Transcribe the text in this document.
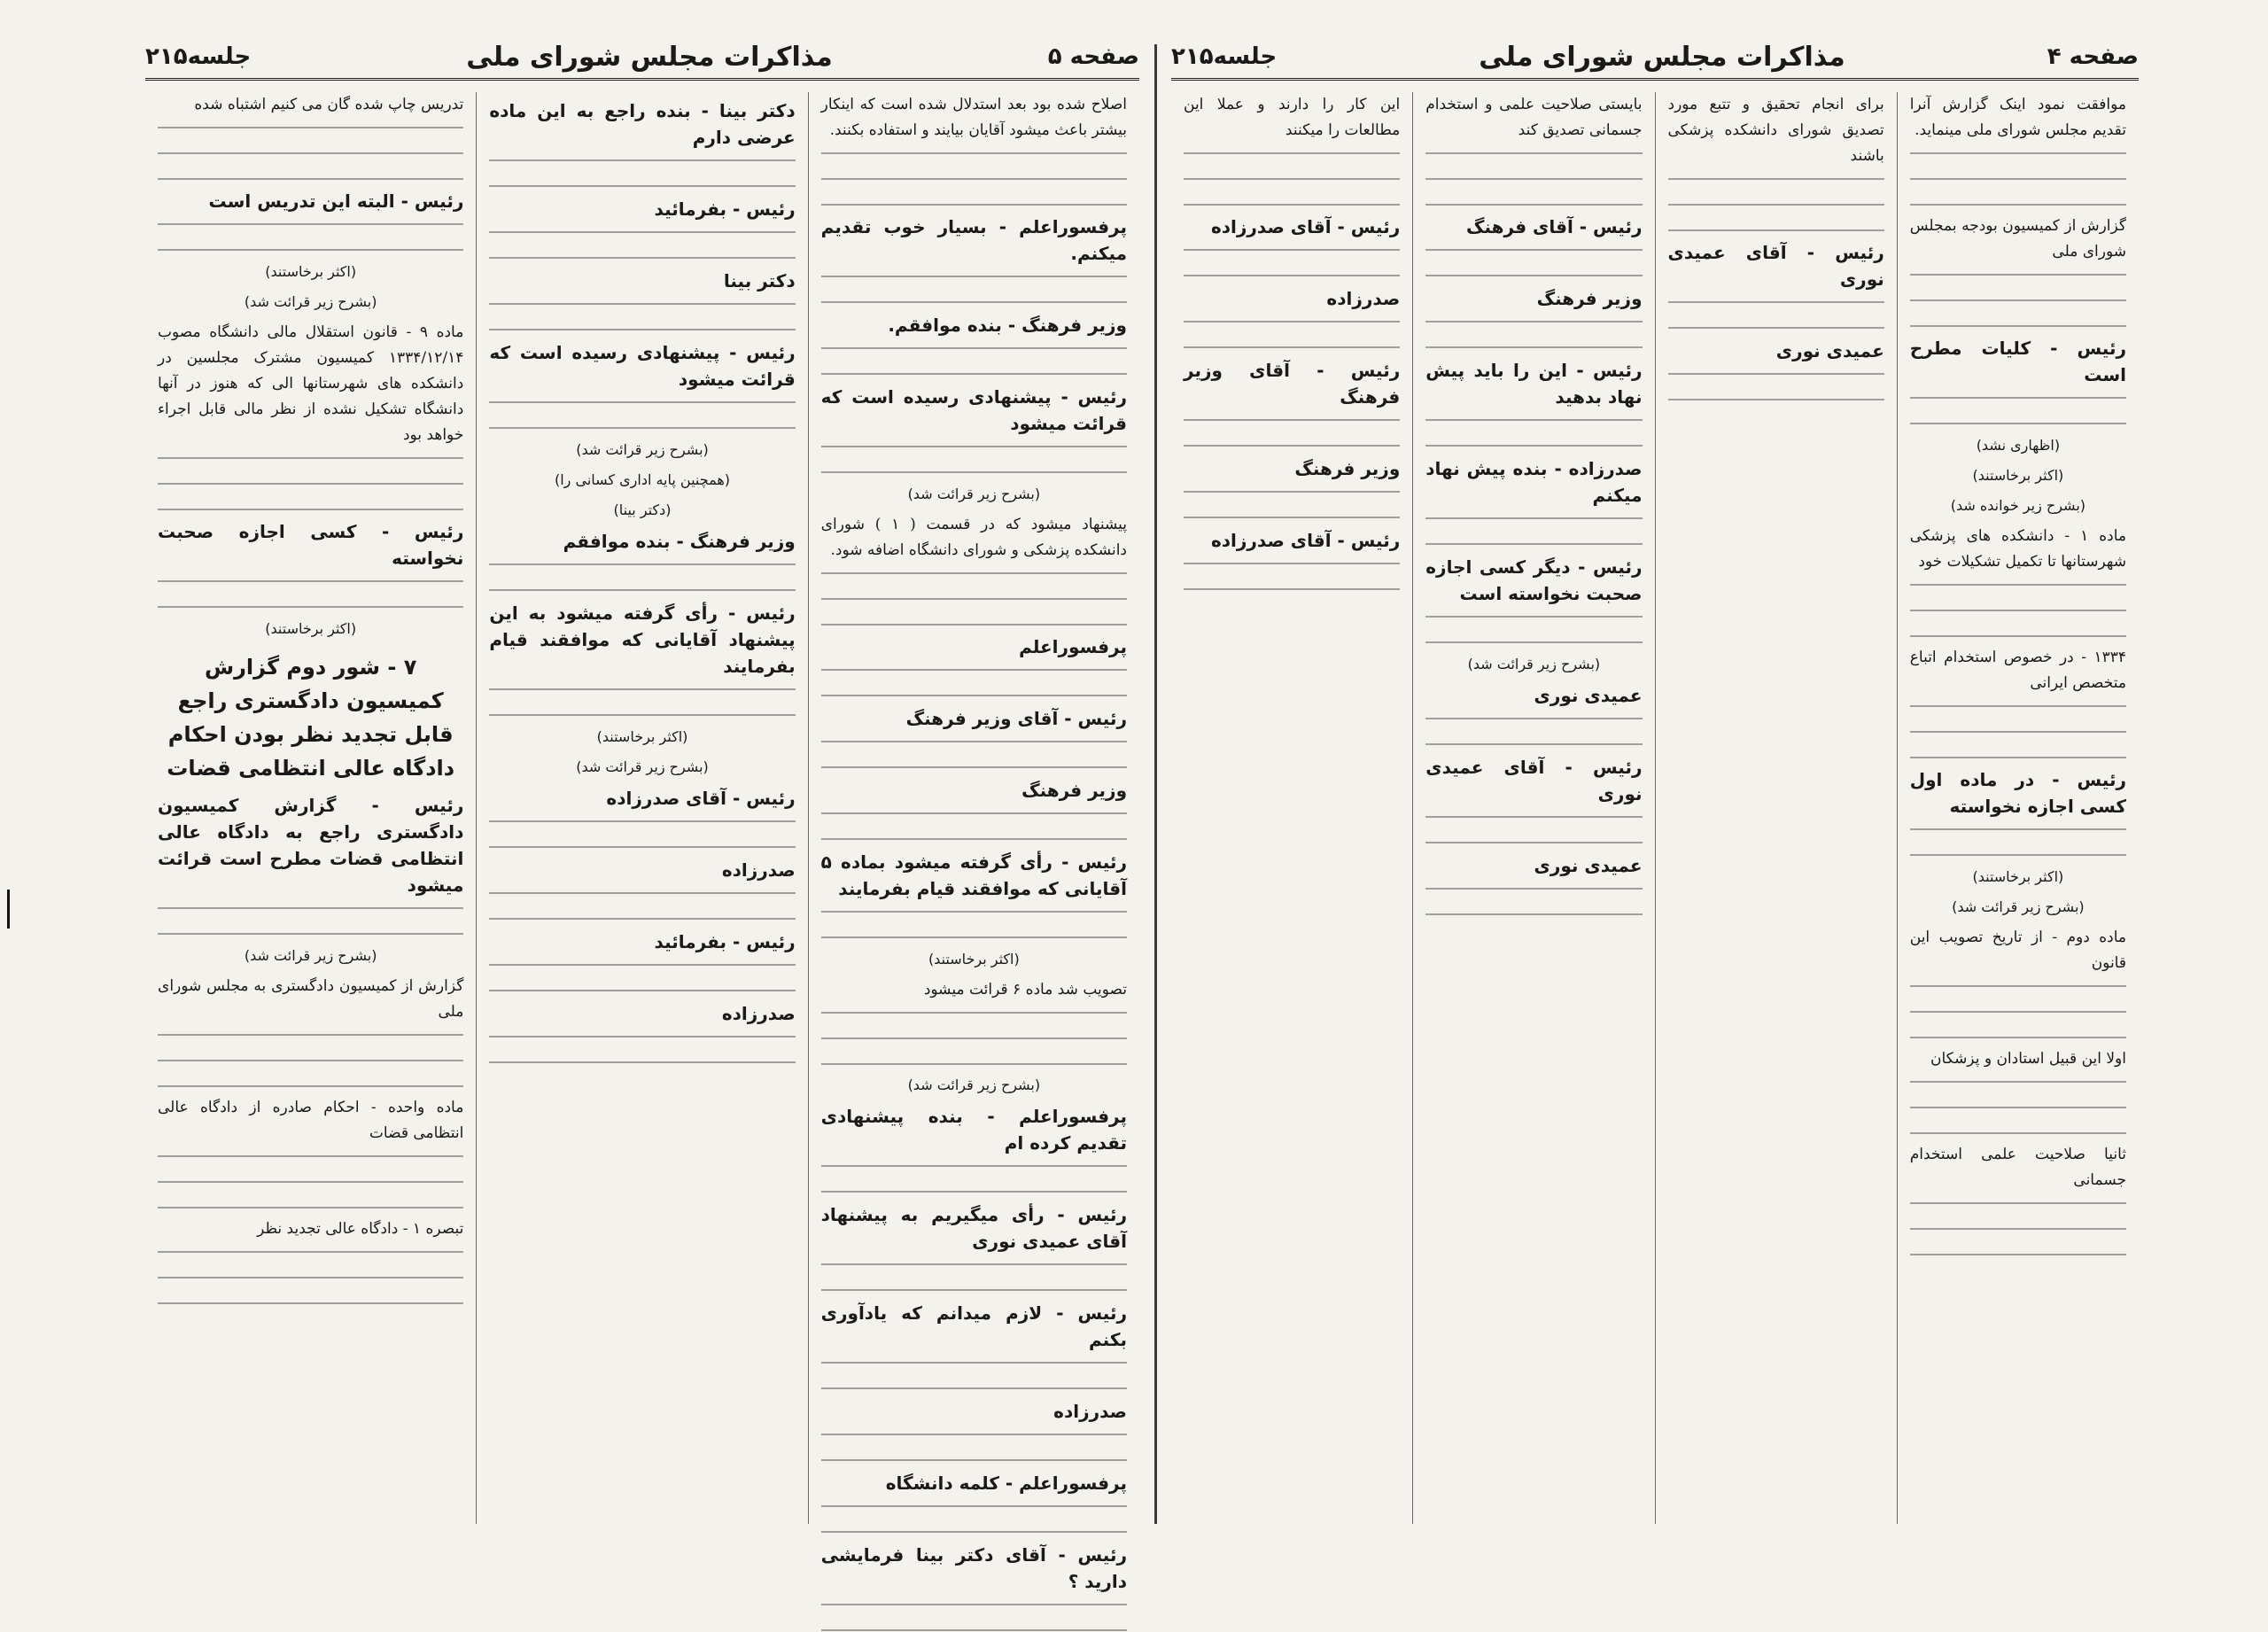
صفحه ۵
مذاکرات مجلس شورای ملی
جلسه۲۱۵
اصلاح شده بود بعد استدلال شده است که اینکار بیشتر باعث میشود آقایان بیایند و استفاده بکنند.
پرفسوراعلم - بسیار خوب تقدیم میکنم.
وزیر فرهنگ - بنده موافقم.
رئیس - پیشنهادی رسیده است که قرائت میشود
(بشرح زیر قرائت شد)
پیشنهاد میشود که در قسمت ( ۱ ) شورای دانشکده پزشکی و شورای دانشگاه اضافه شود.
پرفسوراعلم
رئیس - آقای وزیر فرهنگ
وزیر فرهنگ
رئیس - رأی گرفته میشود بماده ۵ آقایانی که موافقند قیام بفرمایند
(اکثر برخاستند)
تصویب شد ماده ۶ قرائت میشود
(بشرح زیر قرائت شد)
پرفسوراعلم - بنده پیشنهادی تقدیم کرده ام
رئیس - رأی میگیریم به پیشنهاد آقای عمیدی نوری
رئیس - لازم میدانم که یادآوری بکنم
صدرزاده
پرفسوراعلم - کلمه دانشگاه
رئیس - آقای دکتر بینا فرمایشی دارید ؟
دکتر بینا - بنده راجع به این ماده عرضی دارم
رئیس - بفرمائید
دکتر بینا
رئیس - پیشنهادی رسیده است که قرائت میشود
(بشرح زیر قرائت شد)
(همچنین پایه اداری کسانی را)
(دکتر بینا)
وزیر فرهنگ - بنده موافقم
رئیس - رأی گرفته میشود به این پیشنهاد آقایانی که موافقند قیام بفرمایند
(اکثر برخاستند)
(بشرح زیر قرائت شد)
رئیس - آقای صدرزاده
صدرزاده
رئیس - بفرمائید
صدرزاده
تدریس چاپ شده گان می کنیم اشتباه شده
رئیس - البته این تدریس است
(اکثر برخاستند)
(بشرح زیر قرائت شد)
ماده ۹ - قانون استقلال مالی دانشگاه مصوب ۱۳۳۴/۱۲/۱۴ کمیسیون مشترک مجلسین در دانشکده های شهرستانها الی که هنوز در آنها دانشگاه تشکیل نشده از نظر مالی قابل اجراء خواهد بود
رئیس - کسی اجازه صحبت نخواسته
(اکثر برخاستند)
۷ - شور دوم گزارش کمیسیون دادگستری راجع قابل تجدید نظر بودن احکام دادگاه عالی انتظامی قضات
رئیس - گزارش کمیسیون دادگستری راجع به دادگاه عالی انتظامی قضات مطرح است قرائت میشود
(بشرح زیر قرائت شد)
گزارش از کمیسیون دادگستری به مجلس شورای ملی
ماده واحده - احکام صادره از دادگاه عالی انتظامی قضات
تبصره ۱ - دادگاه عالی تجدید نظر
صفحه ۴
مذاکرات مجلس شورای ملی
جلسه۲۱۵
موافقت نمود اینک گزارش آنرا تقدیم مجلس شورای ملی مینماید.
گزارش از کمیسیون بودجه بمجلس شورای ملی
رئیس - کلیات مطرح است
(اظهاری نشد)
(اکثر برخاستند)
(بشرح زیر خوانده شد)
ماده ۱ - دانشکده های پزشکی شهرستانها تا تکمیل تشکیلات خود
۱۳۳۴ - در خصوص استخدام اتباع متخصص ایرانی
رئیس - در ماده اول کسی اجازه نخواسته
(اکثر برخاستند)
(بشرح زیر قرائت شد)
ماده دوم - از تاریخ تصویب این قانون
اولا این قبیل استادان و پزشکان
ثانیا صلاحیت علمی استخدام جسمانی
برای انجام تحقیق و تتبع مورد تصدیق شورای دانشکده پزشکی باشند
رئیس - آقای عمیدی نوری
عمیدی نوری
بایستی صلاحیت علمی و استخدام جسمانی تصدیق کند
رئیس - آقای فرهنگ
وزیر فرهنگ
رئیس - این را باید پیش نهاد بدهید
صدرزاده - بنده پیش نهاد میکنم
رئیس - دیگر کسی اجازه صحبت نخواسته است
(بشرح زیر قرائت شد)
عمیدی نوری
رئیس - آقای عمیدی نوری
عمیدی نوری
این کار را دارند و عملا این مطالعات را میکنند
رئیس - آقای صدرزاده
صدرزاده
رئیس - آقای وزیر فرهنگ
وزیر فرهنگ
رئیس - آقای صدرزاده
